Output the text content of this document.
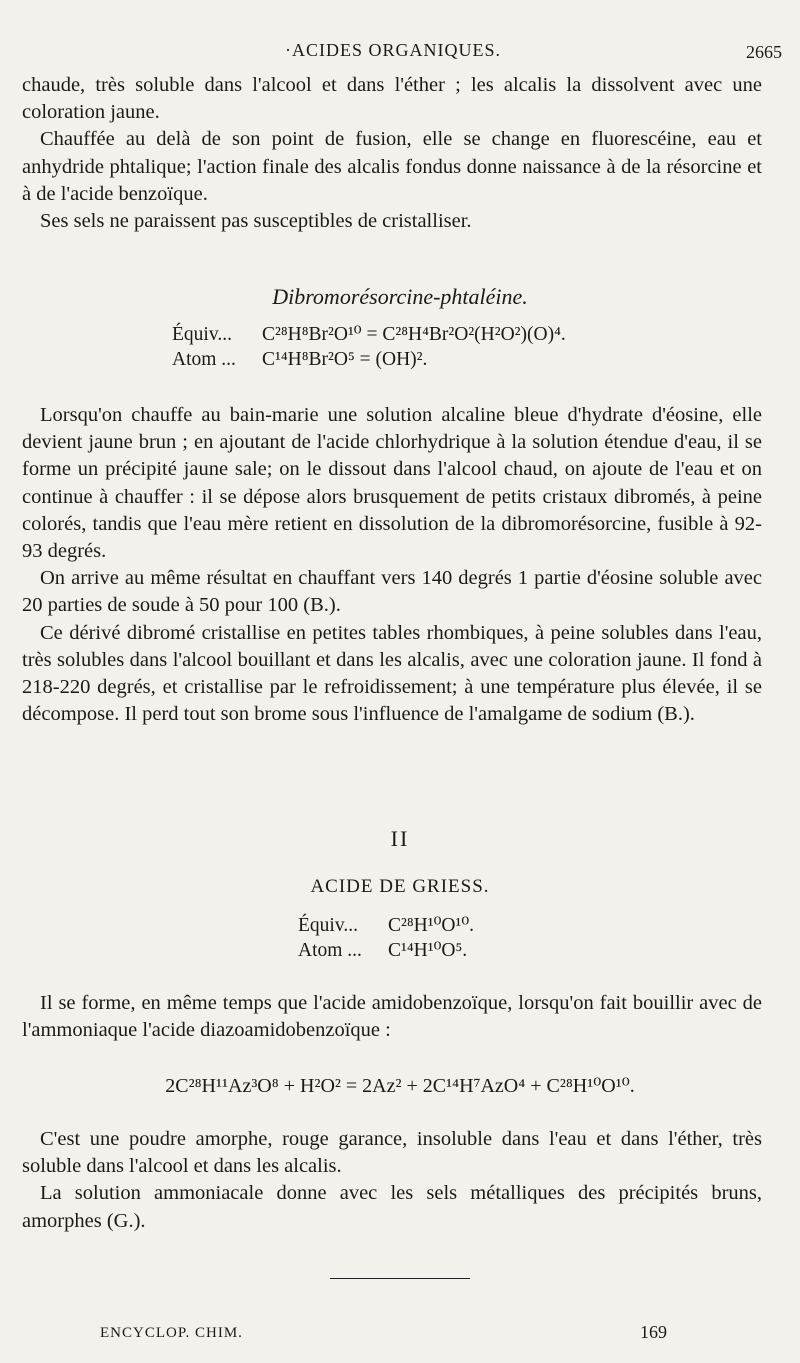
·ACIDES ORGANIQUES.	2665

chaude, très soluble dans l'alcool et dans l'éther ; les alcalis la dissolvent avec une coloration jaune.

Chauffée au delà de son point de fusion, elle se change en fluorescéine, eau et anhydride phtalique; l'action finale des alcalis fondus donne naissance à de la résorcine et à de l'acide benzoïque.

Ses sels ne paraissent pas susceptibles de cristalliser.

Dibromorésorcine-phtaléine.
Équiv... C²⁸H⁸Br²O¹⁰ = C²⁸H⁴Br²O²(H²O²)(O)⁴.
Atom ... C¹⁴H⁸Br²O⁵ = (OH)².

Lorsqu'on chauffe au bain-marie une solution alcaline bleue d'hydrate d'éosine, elle devient jaune brun ; en ajoutant de l'acide chlorhydrique à la solution étendue d'eau, il se forme un précipité jaune sale; on le dissout dans l'alcool chaud, on ajoute de l'eau et on continue à chauffer : il se dépose alors brusquement de petits cristaux dibromés, à peine colorés, tandis que l'eau mère retient en dissolution de la dibromorésorcine, fusible à 92-93 degrés.

On arrive au même résultat en chauffant vers 140 degrés 1 partie d'éosine soluble avec 20 parties de soude à 50 pour 100 (B.).

Ce dérivé dibromé cristallise en petites tables rhombiques, à peine solubles dans l'eau, très solubles dans l'alcool bouillant et dans les alcalis, avec une coloration jaune. Il fond à 218-220 degrés, et cristallise par le refroidissement; à une température plus élevée, il se décompose. Il perd tout son brome sous l'influence de l'amalgame de sodium (B.).

II
ACIDE DE GRIESS.
Équiv... C²⁸H¹⁰O¹⁰.
Atom ... C¹⁴H¹⁰O⁵.

Il se forme, en même temps que l'acide amidobenzoïque, lorsqu'on fait bouillir avec de l'ammoniaque l'acide diazoamidobenzoïque :

2C²⁸H¹¹Az³O⁸ + H²O² = 2Az² + 2C¹⁴H⁷AzO⁴ + C²⁸H¹⁰O¹⁰.

C'est une poudre amorphe, rouge garance, insoluble dans l'eau et dans l'éther, très soluble dans l'alcool et dans les alcalis.

La solution ammoniacale donne avec les sels métalliques des précipités bruns, amorphes (G.).

ENCYCLOP. CHIM.	169
